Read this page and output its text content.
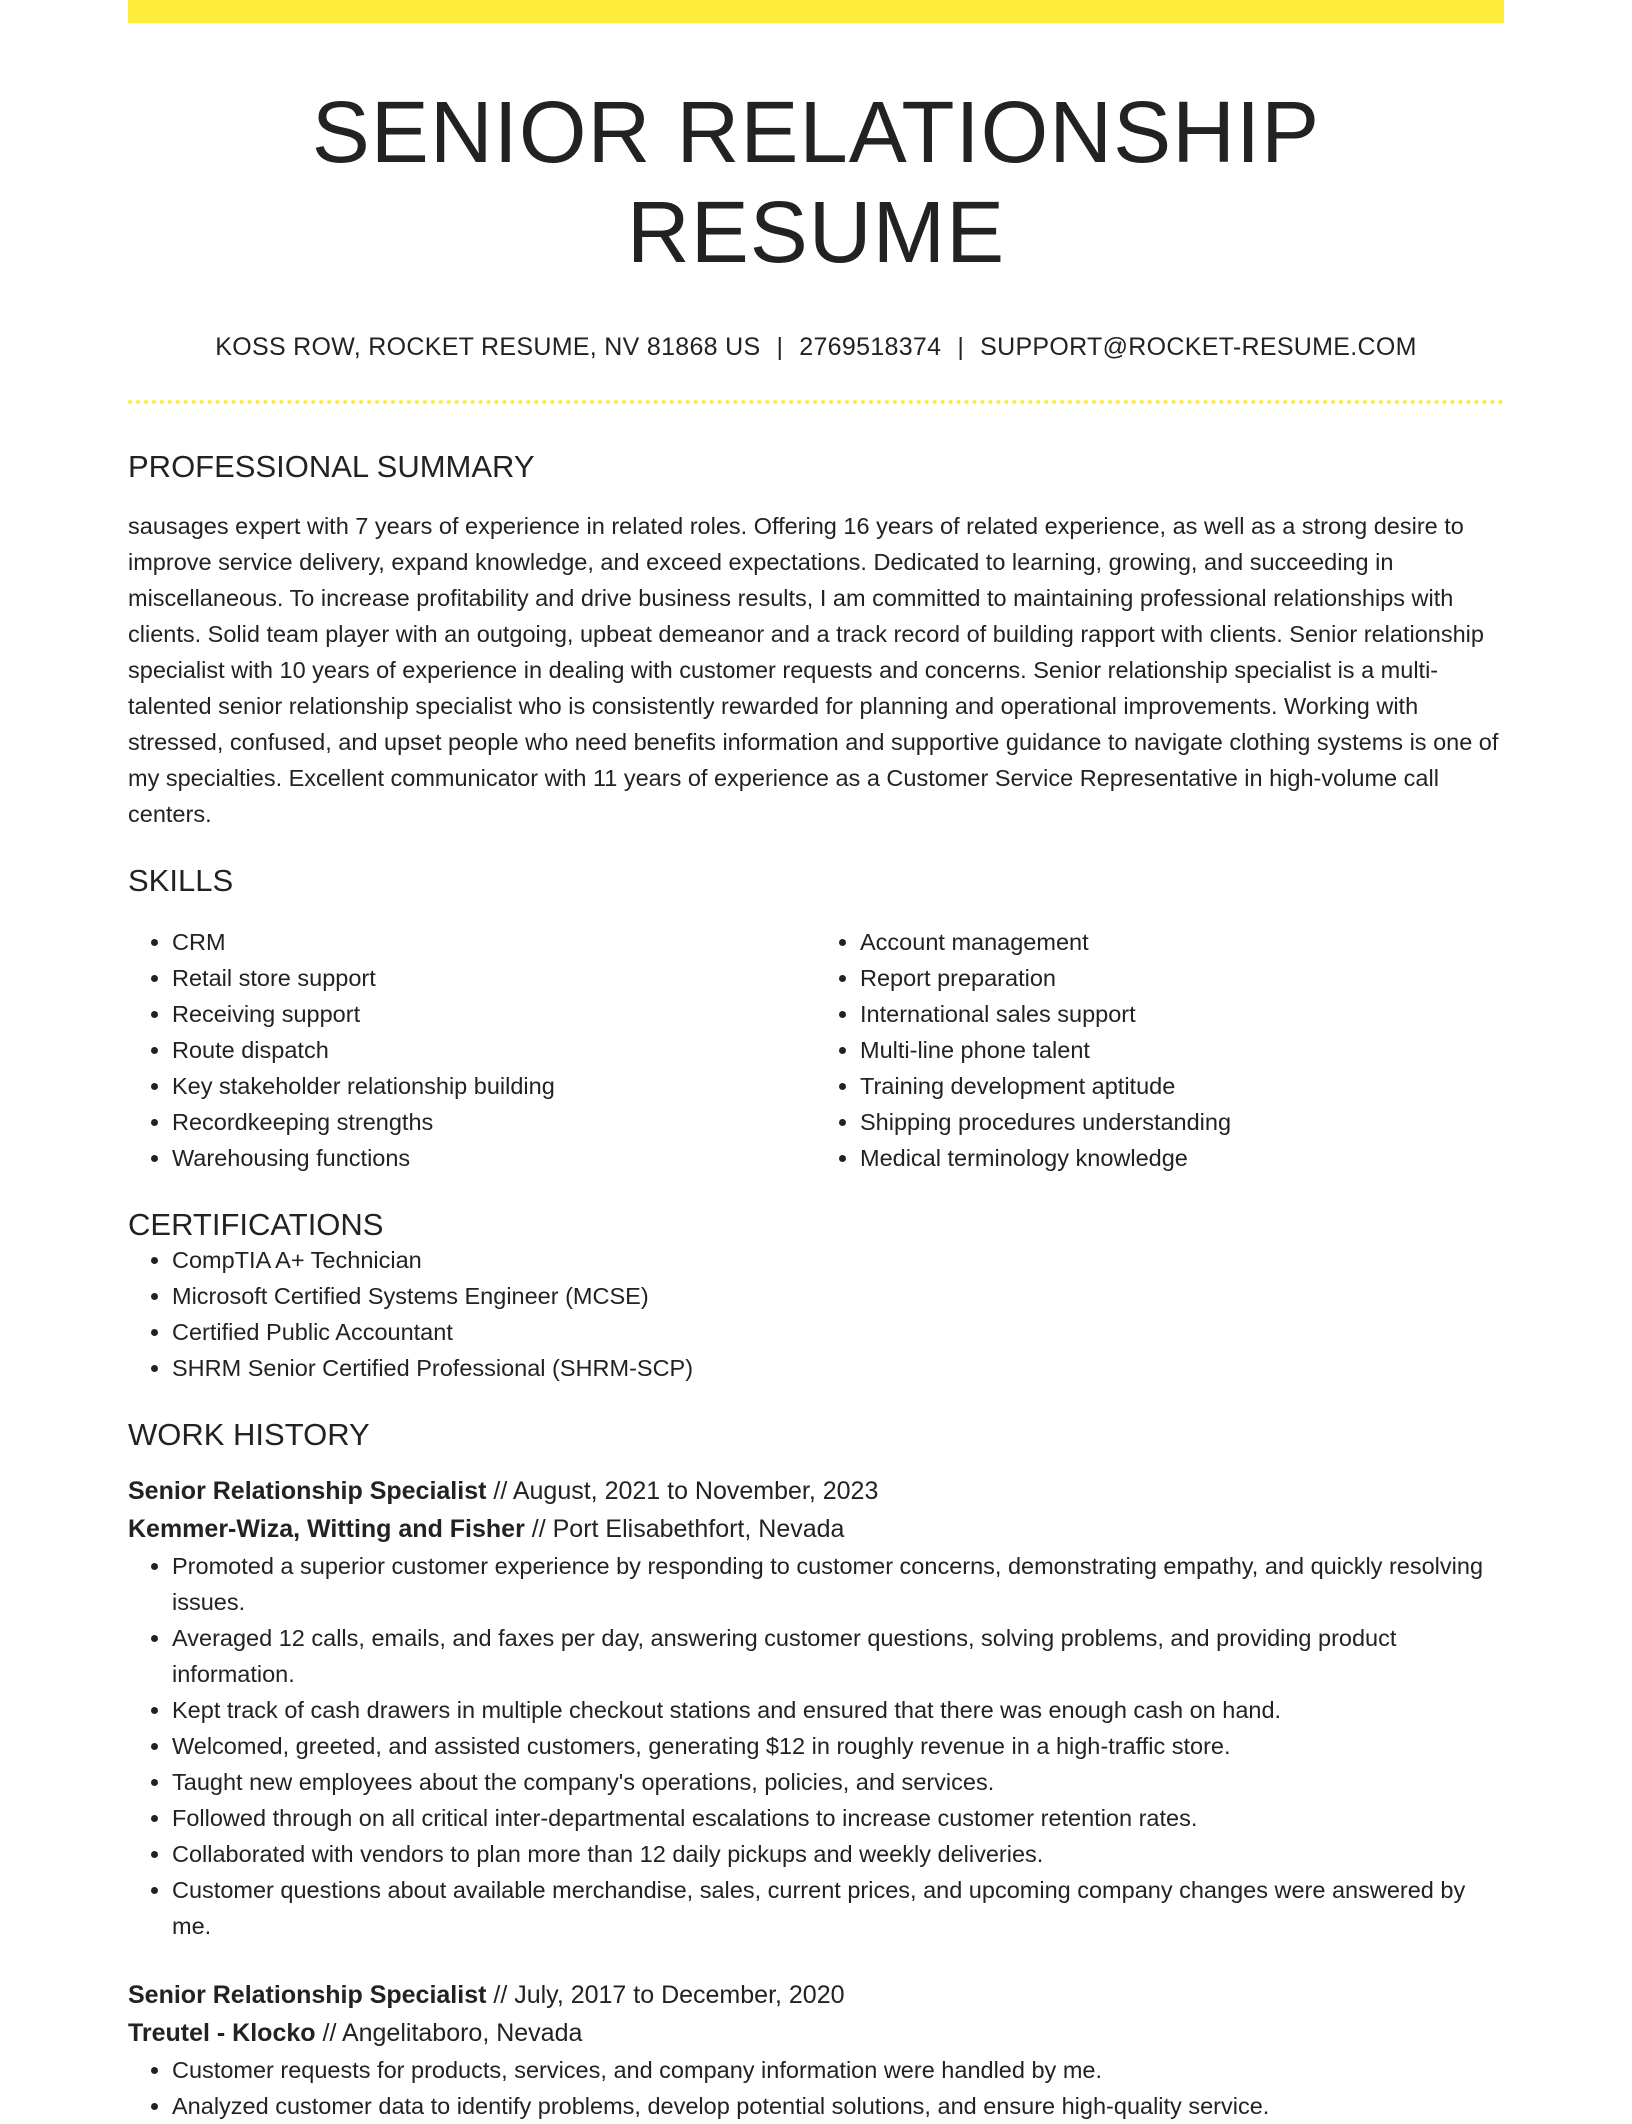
SENIOR RELATIONSHIP RESUME
KOSS ROW, ROCKET RESUME, NV 81868 US | 2769518374 | SUPPORT@ROCKET-RESUME.COM
PROFESSIONAL SUMMARY

sausages expert with 7 years of experience in related roles. Offering 16 years of related experience, as well as a strong desire to improve service delivery, expand knowledge, and exceed expectations. Dedicated to learning, growing, and succeeding in miscellaneous. To increase profitability and drive business results, I am committed to maintaining professional relationships with clients. Solid team player with an outgoing, upbeat demeanor and a track record of building rapport with clients. Senior relationship specialist with 10 years of experience in dealing with customer requests and concerns. Senior relationship specialist is a multi-talented senior relationship specialist who is consistently rewarded for planning and operational improvements. Working with stressed, confused, and upset people who need benefits information and supportive guidance to navigate clothing systems is one of my specialties. Excellent communicator with 11 years of experience as a Customer Service Representative in high-volume call centers.

SKILLS
• CRM
• Retail store support
• Receiving support
• Route dispatch
• Key stakeholder relationship building
• Recordkeeping strengths
• Warehousing functions
• Account management
• Report preparation
• International sales support
• Multi-line phone talent
• Training development aptitude
• Shipping procedures understanding
• Medical terminology knowledge
CERTIFICATIONS
• CompTIA A+ Technician
• Microsoft Certified Systems Engineer (MCSE)
• Certified Public Accountant
• SHRM Senior Certified Professional (SHRM-SCP)
WORK HISTORY
Senior Relationship Specialist // August, 2021 to November, 2023
Kemmer-Wiza, Witting and Fisher // Port Elisabethfort, Nevada
• Promoted a superior customer experience by responding to customer concerns, demonstrating empathy, and quickly resolving issues.
• Averaged 12 calls, emails, and faxes per day, answering customer questions, solving problems, and providing product information.
• Kept track of cash drawers in multiple checkout stations and ensured that there was enough cash on hand.
• Welcomed, greeted, and assisted customers, generating $12 in roughly revenue in a high-traffic store.
• Taught new employees about the company's operations, policies, and services.
• Followed through on all critical inter-departmental escalations to increase customer retention rates.
• Collaborated with vendors to plan more than 12 daily pickups and weekly deliveries.
• Customer questions about available merchandise, sales, current prices, and upcoming company changes were answered by me.
Senior Relationship Specialist // July, 2017 to December, 2020
Treutel - Klocko // Angelitaboro, Nevada
• Customer requests for products, services, and company information were handled by me.
• Analyzed customer data to identify problems, develop potential solutions, and ensure high-quality service.
